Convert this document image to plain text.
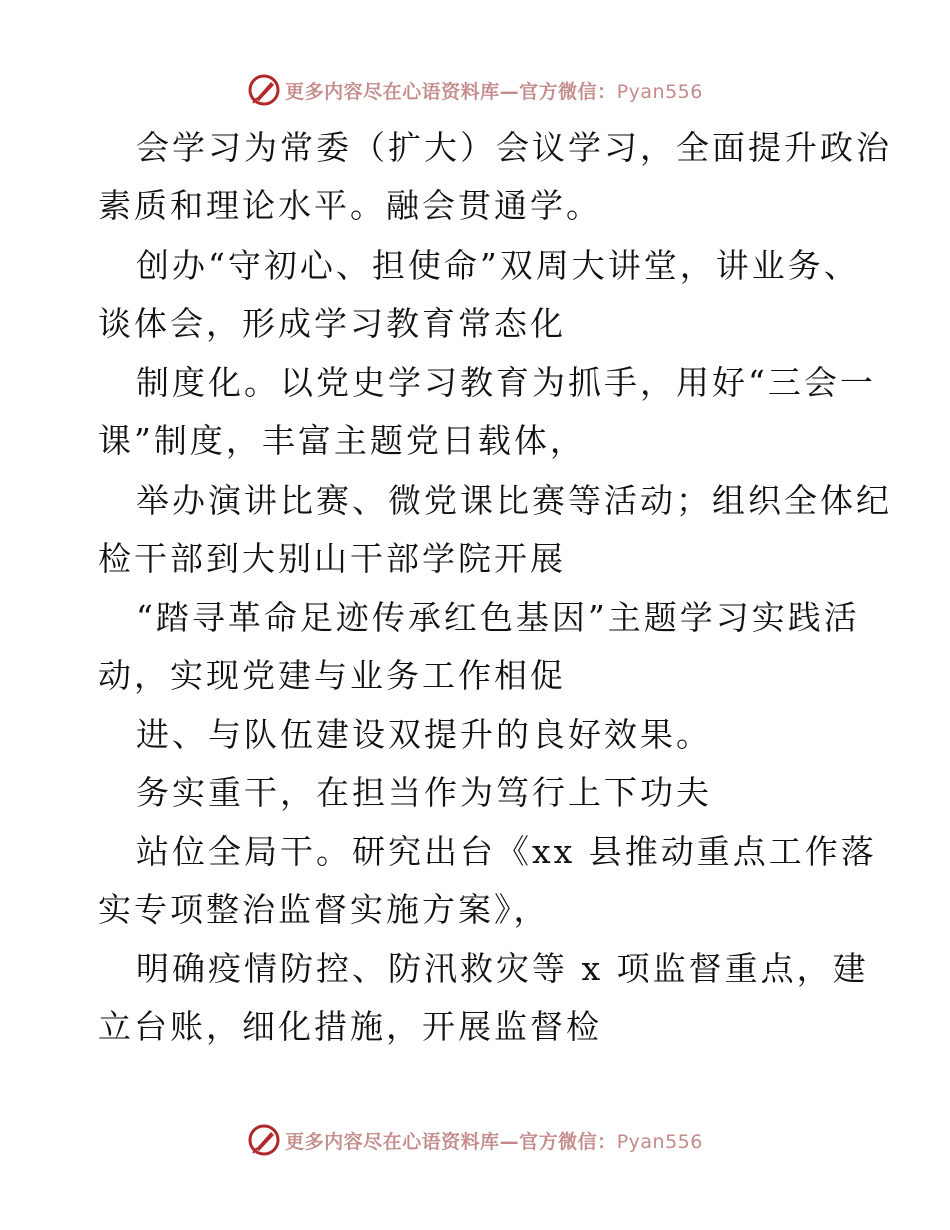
更多内容尽在心语资料库—官方微信：Pyan556
会学习为常委（扩大）会议学习，全面提升政治
素质和理论水平。融会贯通学。
创办“守初心、担使命”双周大讲堂，讲业务、
谈体会，形成学习教育常态化
制度化。以党史学习教育为抓手，用好“三会一
课”制度，丰富主题党日载体，
举办演讲比赛、微党课比赛等活动；组织全体纪
检干部到大别山干部学院开展
“踏寻革命足迹传承红色基因”主题学习实践活
动，实现党建与业务工作相促
进、与队伍建设双提升的良好效果。
务实重干，在担当作为笃行上下功夫
站位全局干。研究出台《xx 县推动重点工作落
实专项整治监督实施方案》，
明确疫情防控、防汛救灾等 x 项监督重点，建
立台账，细化措施，开展监督检
更多内容尽在心语资料库—官方微信：Pyan556
